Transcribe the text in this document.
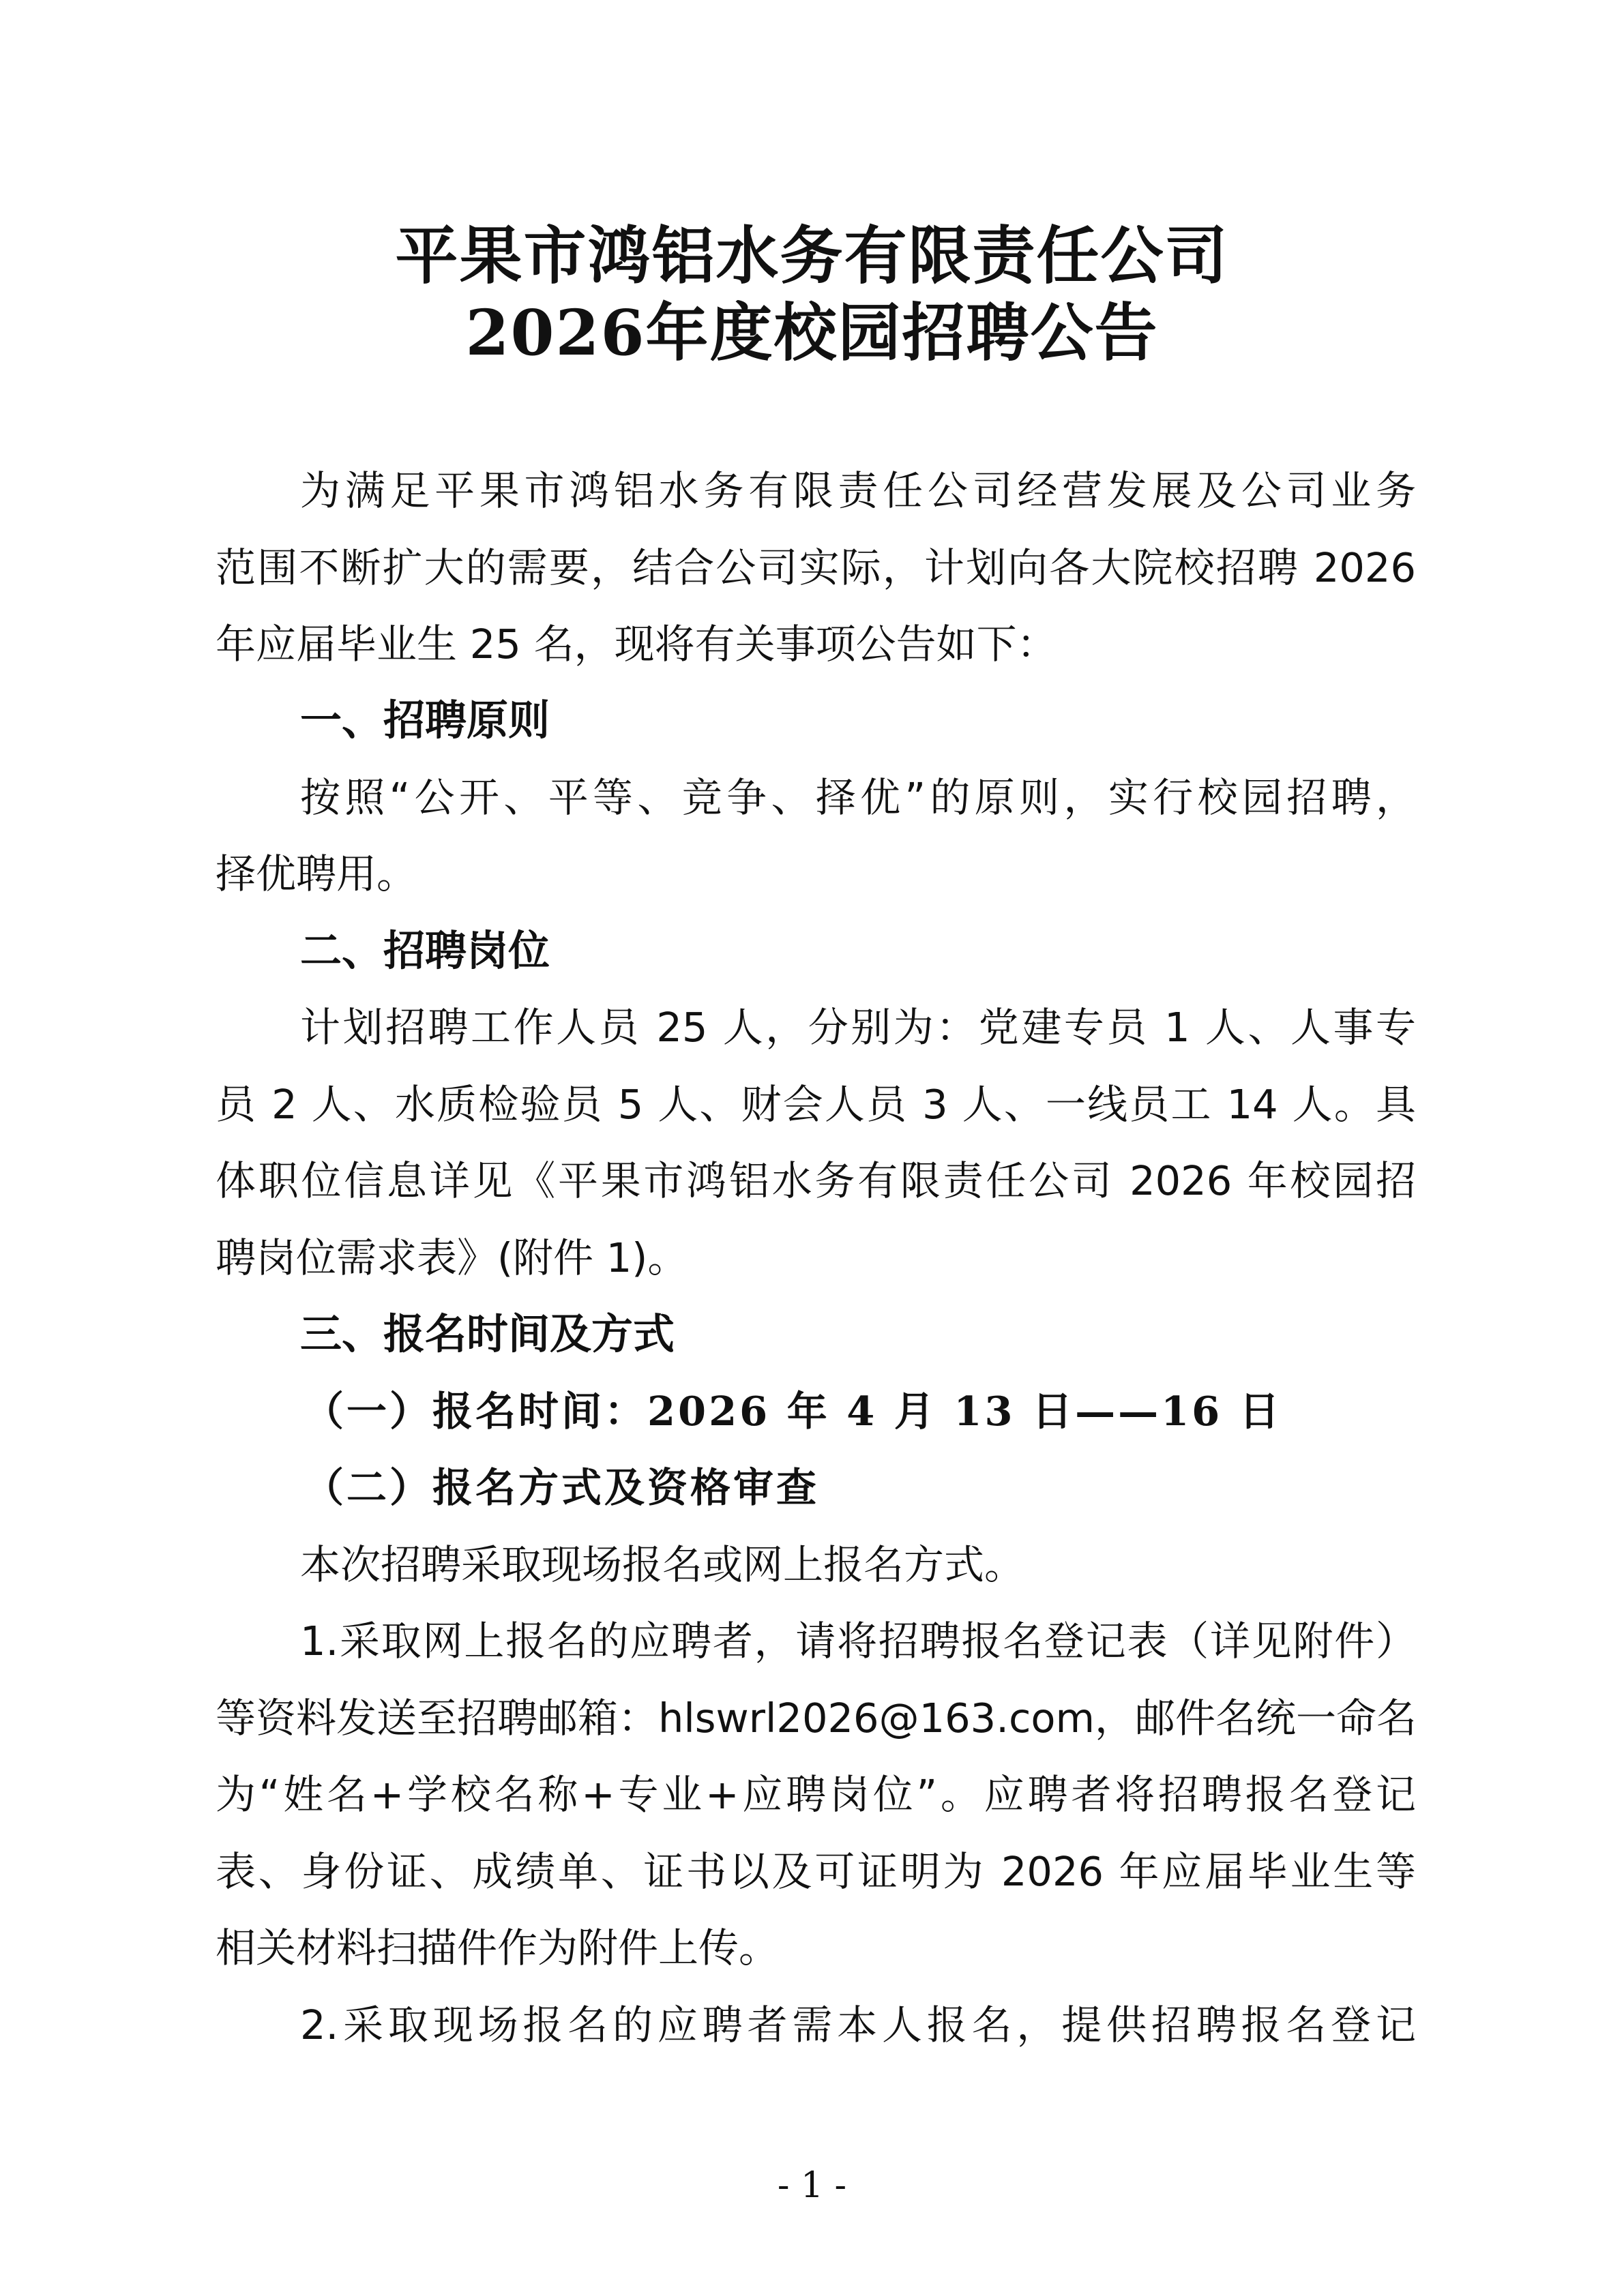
平果市鸿铝水务有限责任公司
2026年度校园招聘公告
为满足平果市鸿铝水务有限责任公司经营发展及公司业务
范围不断扩大的需要，结合公司实际，计划向各大院校招聘 2026
年应届毕业生 25 名，现将有关事项公告如下：
一、招聘原则
按照“公开、平等、竞争、择优”的原则，实行校园招聘，
择优聘用。
二、招聘岗位
计划招聘工作人员 25 人，分别为：党建专员 1 人、人事专
员 2 人、水质检验员 5 人、财会人员 3 人、一线员工 14 人。具
体职位信息详见《平果市鸿铝水务有限责任公司 2026 年校园招
聘岗位需求表》(附件 1)。
三、报名时间及方式
（一）报名时间：2026 年 4 月 13 日——16 日
（二）报名方式及资格审查
本次招聘采取现场报名或网上报名方式。
1.采取网上报名的应聘者，请将招聘报名登记表（详见附件）
等资料发送至招聘邮箱：hlswrl2026@163.com，邮件名统一命名
为“姓名+学校名称+专业+应聘岗位”。应聘者将招聘报名登记
表、身份证、成绩单、证书以及可证明为 2026 年应届毕业生等
相关材料扫描件作为附件上传。
2.采取现场报名的应聘者需本人报名，提供招聘报名登记
- 1 -
